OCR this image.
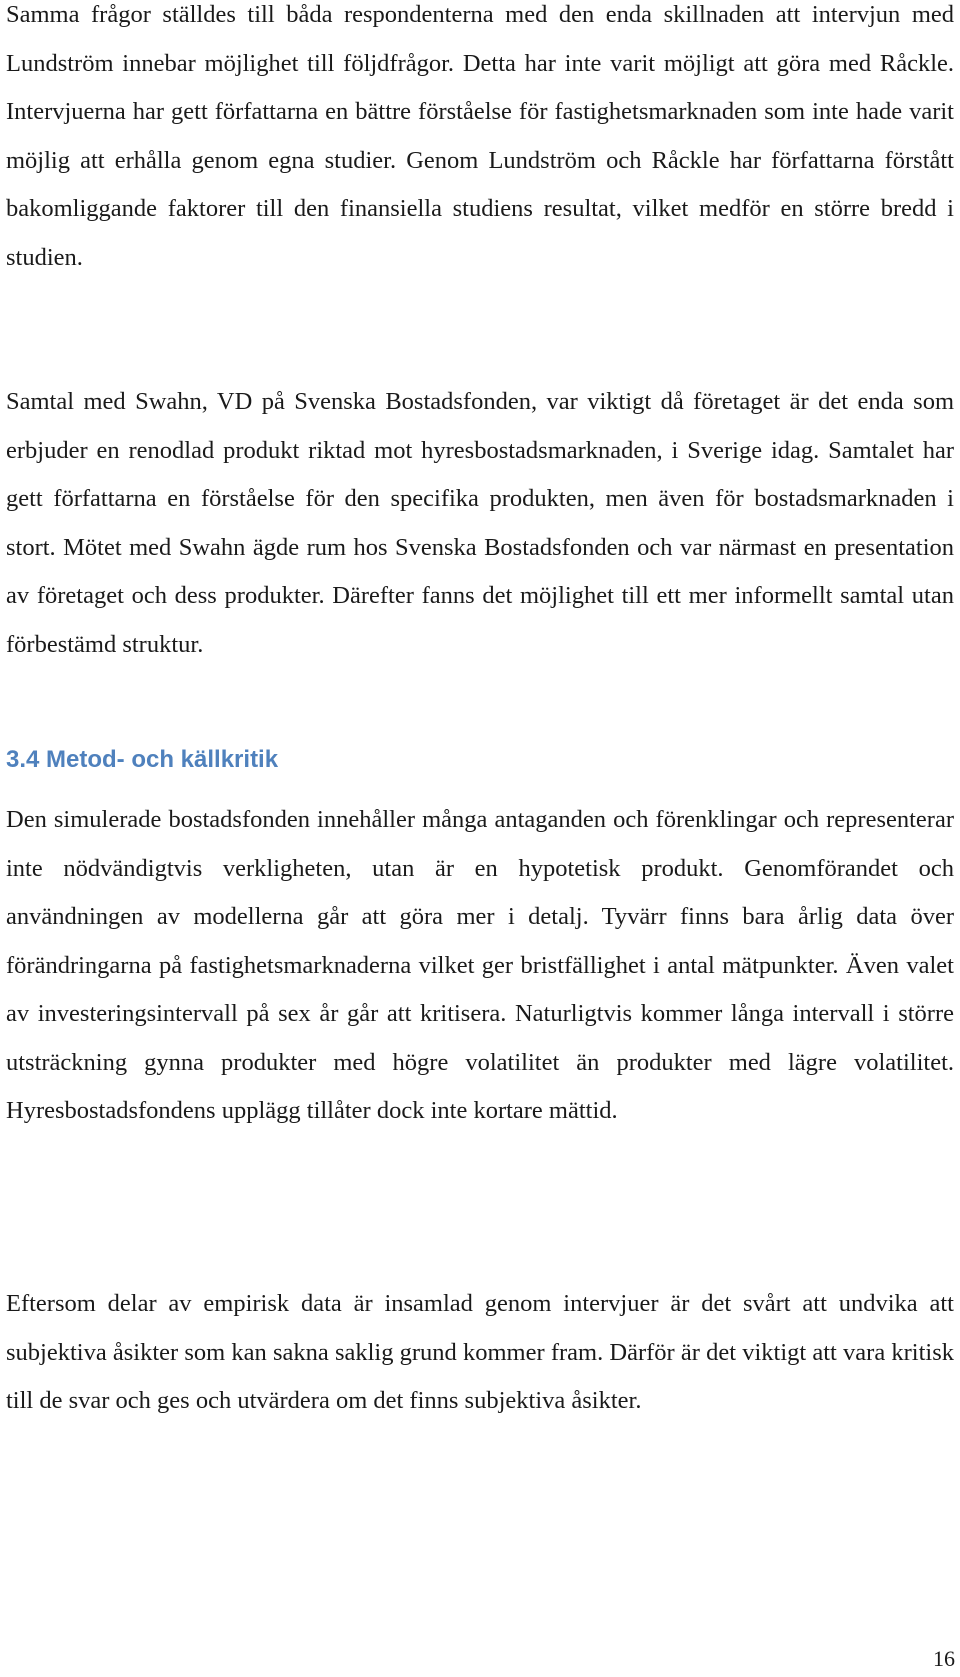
Samma frågor ställdes till båda respondenterna med den enda skillnaden att intervjun med Lundström innebar möjlighet till följdfrågor. Detta har inte varit möjligt att göra med Råckle. Intervjuerna har gett författarna en bättre förståelse för fastighetsmarknaden som inte hade varit möjlig att erhålla genom egna studier. Genom Lundström och Råckle har författarna förstått bakomliggande faktorer till den finansiella studiens resultat, vilket medför en större bredd i studien.

Samtal med Swahn, VD på Svenska Bostadsfonden, var viktigt då företaget är det enda som erbjuder en renodlad produkt riktad mot hyresbostadsmarknaden, i Sverige idag. Samtalet har gett författarna en förståelse för den specifika produkten, men även för bostadsmarknaden i stort. Mötet med Swahn ägde rum hos Svenska Bostadsfonden och var närmast en presentation av företaget och dess produkter. Därefter fanns det möjlighet till ett mer informellt samtal utan förbestämd struktur.

3.4 Metod- och källkritik

Den simulerade bostadsfonden innehåller många antaganden och förenklingar och representerar inte nödvändigtvis verkligheten, utan är en hypotetisk produkt. Genomförandet och användningen av modellerna går att göra mer i detalj. Tyvärr finns bara årlig data över förändringarna på fastighetsmarknaderna vilket ger bristfällighet i antal mätpunkter. Även valet av investeringsintervall på sex år går att kritisera. Naturligtvis kommer långa intervall i större utsträckning gynna produkter med högre volatilitet än produkter med lägre volatilitet. Hyresbostadsfondens upplägg tillåter dock inte kortare mättid.

Eftersom delar av empirisk data är insamlad genom intervjuer är det svårt att undvika att subjektiva åsikter som kan sakna saklig grund kommer fram. Därför är det viktigt att vara kritisk till de svar och ges och utvärdera om det finns subjektiva åsikter.

16
